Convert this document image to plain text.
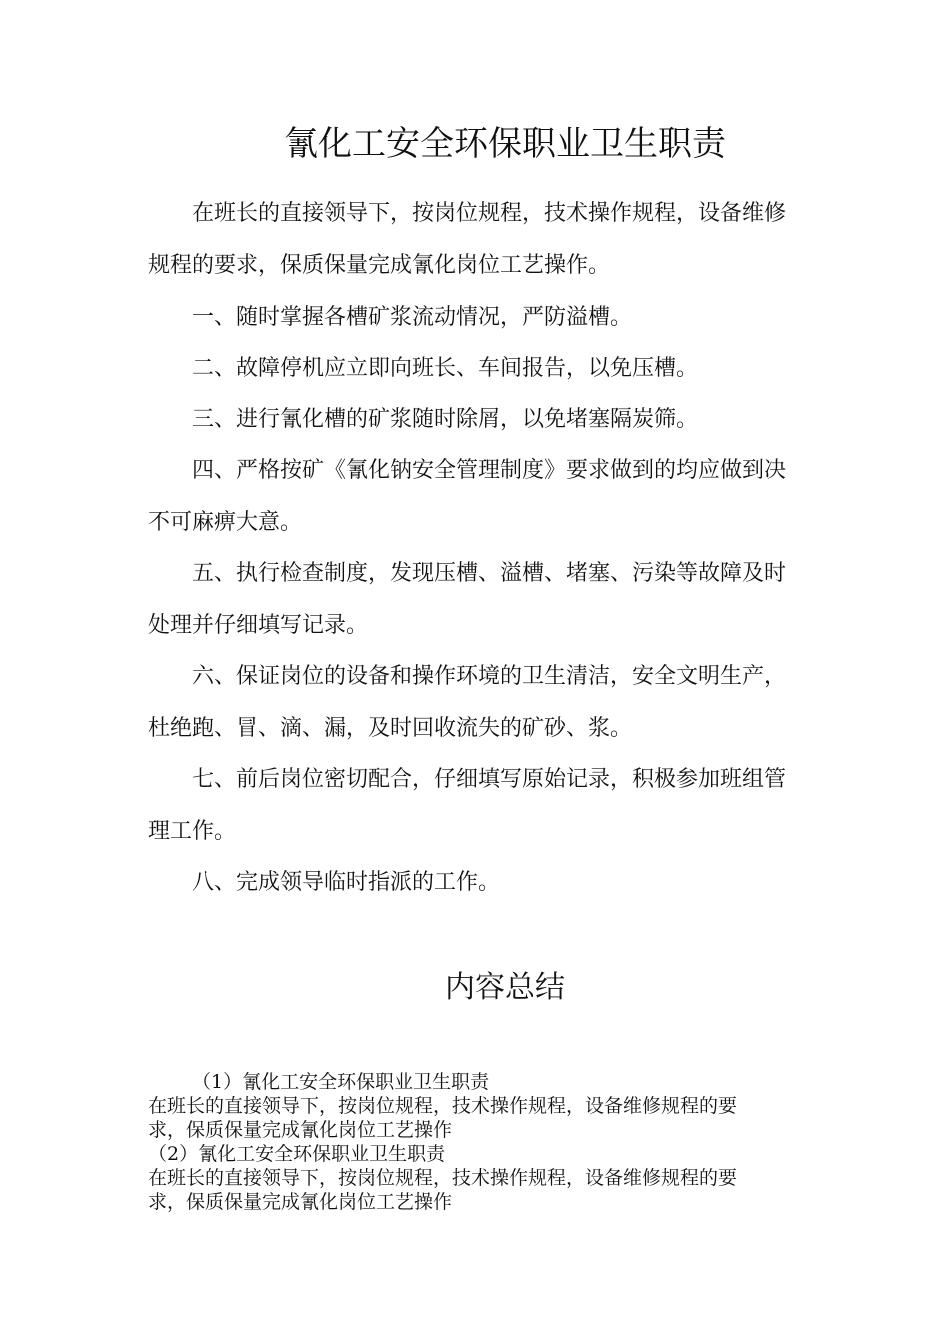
氰化工安全环保职业卫生职责
在班长的直接领导下，按岗位规程，技术操作规程，设备维修
规程的要求，保质保量完成氰化岗位工艺操作。
一、随时掌握各槽矿浆流动情况，严防溢槽。
二、故障停机应立即向班长、车间报告，以免压槽。
三、进行氰化槽的矿浆随时除屑，以免堵塞隔炭筛。
四、严格按矿《氰化钠安全管理制度》要求做到的均应做到决
不可麻痹大意。
五、执行检查制度，发现压槽、溢槽、堵塞、污染等故障及时
处理并仔细填写记录。
六、保证岗位的设备和操作环境的卫生清洁，安全文明生产，
杜绝跑、冒、滴、漏，及时回收流失的矿砂、浆。
七、前后岗位密切配合，仔细填写原始记录，积极参加班组管
理工作。
八、完成领导临时指派的工作。
内容总结
（1）氰化工安全环保职业卫生职责
在班长的直接领导下，按岗位规程，技术操作规程，设备维修规程的要
求，保质保量完成氰化岗位工艺操作
（2）氰化工安全环保职业卫生职责
在班长的直接领导下，按岗位规程，技术操作规程，设备维修规程的要
求，保质保量完成氰化岗位工艺操作
